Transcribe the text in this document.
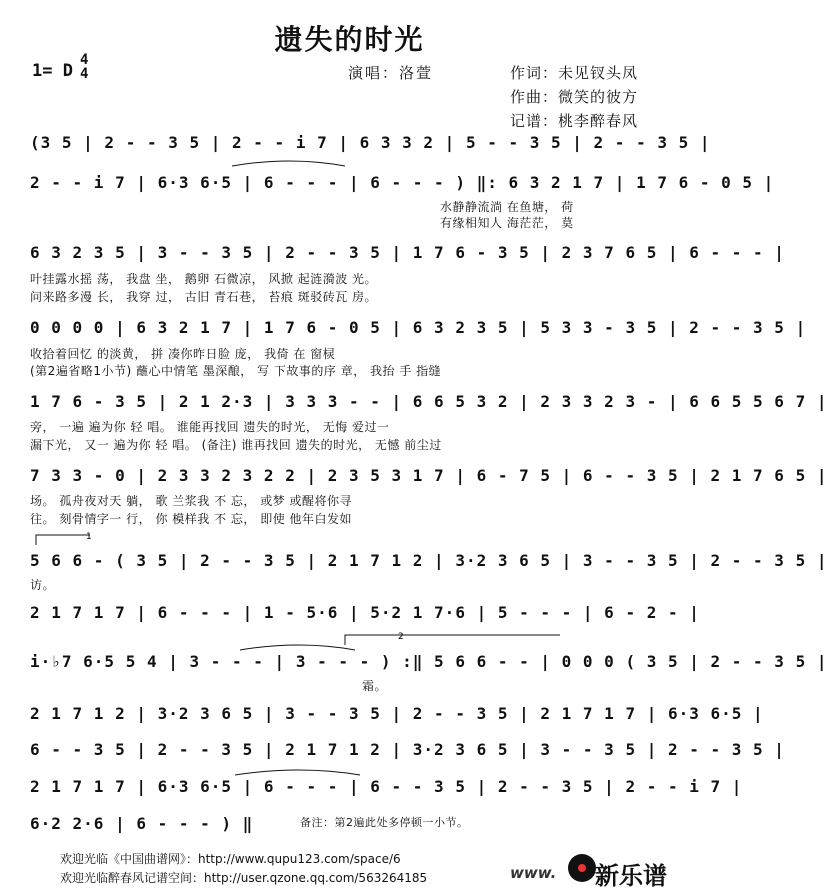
遗失的时光
1= D
4
4	演唱：洛萱	作词：未见钗头凤
作曲：微笑的彼方
记谱：桃李醉春风
(3 5 | 2 - - 3 5 | 2 - - i 7 | 6 3 3 2 | 5 - - 3 5 | 2 - - 3 5 |
2 - - i 7 | 6·3 6·5 | 6 - - - | 6 - - - ) ‖: 6 3 2 1 7 | 1 7 6 - 0 5 |
水静静流淌 在鱼塘， 荷
有缘相知人 海茫茫， 莫
6 3 2 3 5 | 3 - - 3 5 | 2 - - 3 5 | 1 7 6 - 3 5 | 2 3 7 6 5 | 6 - - - |
叶挂露水摇 荡， 我盘 坐， 鹅卵 石微凉， 风掀 起涟漪波 光。
问来路多漫 长， 我穿 过， 古旧 青石巷， 苔痕 斑驳砖瓦 房。
0 0 0 0 | 6 3 2 1 7 | 1 7 6 - 0 5 | 6 3 2 3 5 | 5 3 3 - 3 5 | 2 - - 3 5 |
收拾着回忆 的淡黄， 拼 凑你昨日脸 庞， 我倚 在 窗棂
(第2遍省略1小节) 蘸心中情笔 墨深酿， 写 下故事的序 章， 我抬 手 指缝
1 7 6 - 3 5 | 2 1 2·3 | 3 3 3 - - | 6 6 5 3 2 | 2 3 3 2 3 - | 6 6 5 5 6 7 |
旁， 一遍 遍为你 轻 唱。 谁能再找回 遗失的时光， 无悔 爱过一
漏下光， 又一 遍为你 轻 唱。 (备注) 谁再找回 遗失的时光， 无憾 前尘过
7 3 3 - 0 | 2 3 3 2 3 2 2 | 2 3 5 3 1 7 | 6 - 7 5 | 6 - - 3 5 | 2 1 7 6 5 |
场。 孤舟夜对天 躺， 歌 兰浆我 不 忘， 或梦 或醒将你寻
往。 刻骨情字一 行， 你 模样我 不 忘， 即使 他年白发如
5 6 6 - ( 3 5 | 2 - - 3 5 | 2 1 7 1 2 | 3·2 3 6 5 | 3 - - 3 5 | 2 - - 3 5 |
访。
2 1 7 1 7 | 6 - - - | 1 - 5·6 | 5·2 1 7·6 | 5 - - - | 6 - 2 - |
i·♭7 6·5 5 4 | 3 - - - | 3 - - - ) :‖ 5 6 6 - - | 0 0 0 ( 3 5 | 2 - - 3 5 |
霜。
2 1 7 1 2 | 3·2 3 6 5 | 3 - - 3 5 | 2 - - 3 5 | 2 1 7 1 7 | 6·3 6·5 |
6 - - 3 5 | 2 - - 3 5 | 2 1 7 1 2 | 3·2 3 6 5 | 3 - - 3 5 | 2 - - 3 5 |
2 1 7 1 7 | 6·3 6·5 | 6 - - - | 6 - - 3 5 | 2 - - 3 5 | 2 - - i 7 |
6·2 2·6 | 6 - - - ) ‖	备注：第2遍此处多停顿一小节。
1
2
欢迎光临《中国曲谱网》：http://www.qupu123.com/space/6
欢迎光临醉春风记谱空间：http://user.qzone.qq.com/563264185	www. 新乐谱
